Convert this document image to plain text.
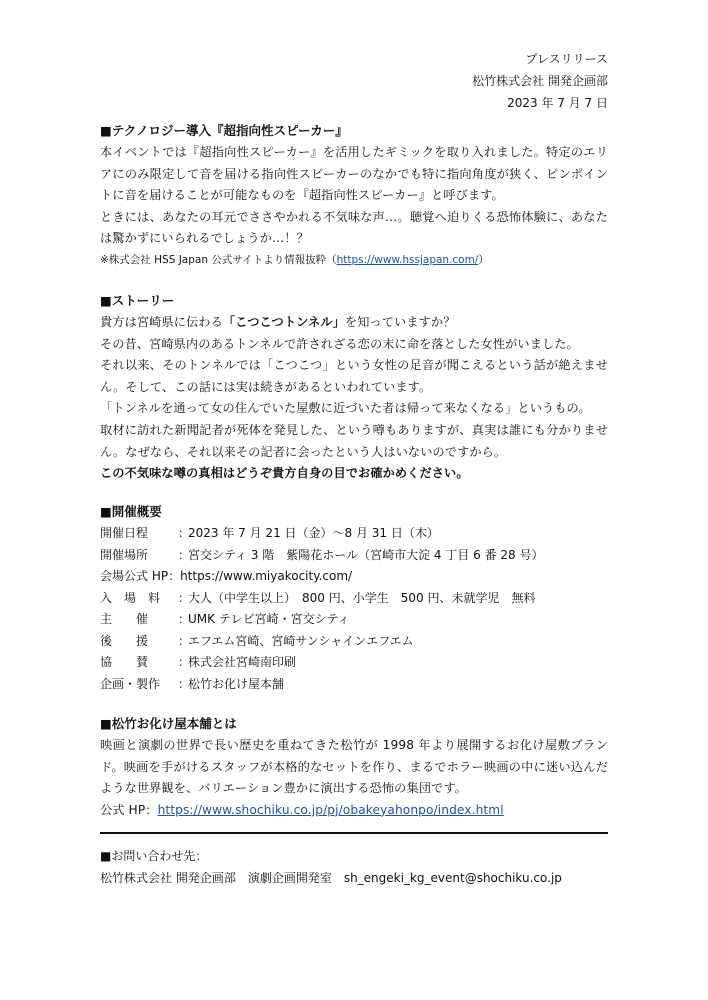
プレスリリース
松竹株式会社 開発企画部
2023 年 7 月 7 日
■テクノロジー導入『超指向性スピーカー』

本イベントでは『超指向性スピーカー』を活用したギミックを取り入れました。特定のエリアにのみ限定して音を届ける指向性スピーカーのなかでも特に指向角度が狭く、ピンポイントに音を届けることが可能なものを『超指向性スピーカー』と呼びます。

ときには、あなたの耳元でささやかれる不気味な声…。聴覚へ迫りくる恐怖体験に、あなたは驚かずにいられるでしょうか…！？

※株式会社 HSS Japan 公式サイトより情報抜粋（https://www.hssjapan.com/）
■ストーリー

貴方は宮崎県に伝わる「こつこつトンネル」を知っていますか？

その昔、宮崎県内のあるトンネルで許されざる恋の末に命を落とした女性がいました。

それ以来、そのトンネルでは「こつこつ」という女性の足音が聞こえるという話が絶えません。そして、この話には実は続きがあるといわれています。

「トンネルを通って女の住んでいた屋敷に近づいた者は帰って来なくなる」というもの。

取材に訪れた新聞記者が死体を発見した、という噂もありますが、真実は誰にも分かりません。なぜなら、それ以来その記者に会ったという人はいないのですから。

この不気味な噂の真相はどうぞ貴方自身の目でお確かめください。

■開催概要
開催日程	：
2023 年 7 月 21 日（金）～8 月 31 日（木）
開催場所	：
宮交シティ 3 階　紫陽花ホール（宮崎市大淀 4 丁目 6 番 28 号）
会場公式 HP：https://www.miyakocity.com/
入　場　料	：
大人（中学生以上）　800 円、小学生　500 円、未就学児　無料
主　　催	：
UMK テレビ宮崎・宮交シティ
後　　援	：
エフエム宮崎、宮崎サンシャインエフエム
協　　賛	：
株式会社宮崎南印刷
企画・製作	：
松竹お化け屋本舗
■松竹お化け屋本舗とは

映画と演劇の世界で長い歴史を重ねてきた松竹が 1998 年より展開するお化け屋敷ブランド。映画を手がけるスタッフが本格的なセットを作り、まるでホラー映画の中に迷い込んだような世界観を、バリエーション豊かに演出する恐怖の集団です。

公式 HP：https://www.shochiku.co.jp/pj/obakeyahonpo/index.html

■お問い合わせ先：

松竹株式会社 開発企画部　演劇企画開発室　sh_engeki_kg_event@shochiku.co.jp
